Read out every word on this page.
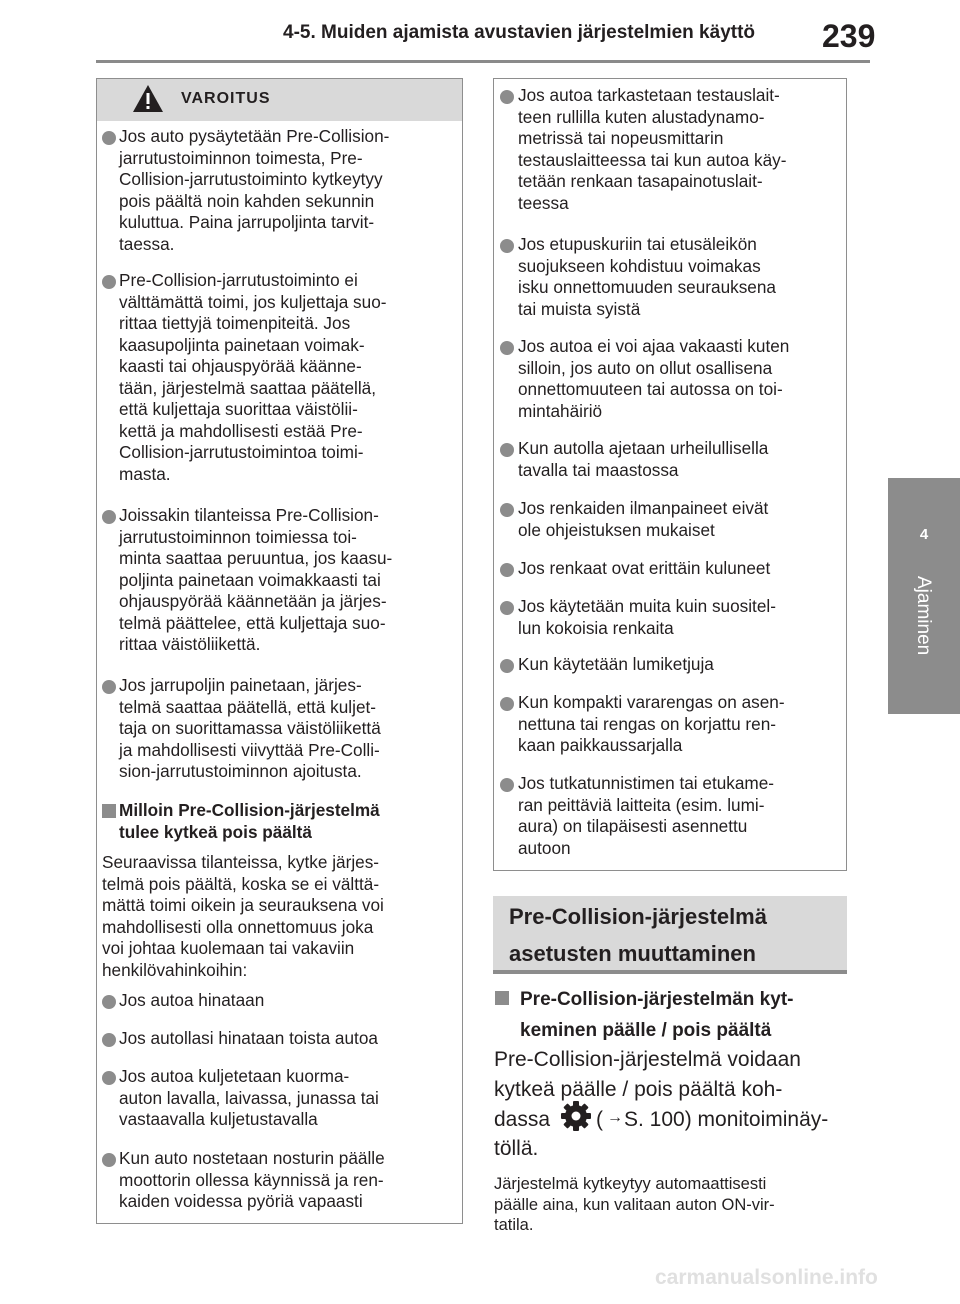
4-5. Muiden ajamista avustavien järjestelmien käyttö 239
4
Ajaminen
VAROITUS
Jos auto pysäytetään Pre-Collision-
jarrutustoiminnon toimesta, Pre-
Collision-jarrutustoiminto kytkeytyy
pois päältä noin kahden sekunnin
kuluttua. Paina jarrupoljinta tarvit-
taessa.
Pre-Collision-jarrutustoiminto ei
välttämättä toimi, jos kuljettaja suo-
rittaa tiettyjä toimenpiteitä. Jos
kaasupoljinta painetaan voimak-
kaasti tai ohjauspyörää käänne-
tään, järjestelmä saattaa päätellä,
että kuljettaja suorittaa väistölii-
kettä ja mahdollisesti estää Pre-
Collision-jarrutustoimintoa toimi-
masta.
Joissakin tilanteissa Pre-Collision-
jarrutustoiminnon toimiessa toi-
minta saattaa peruuntua, jos kaasu-
poljinta painetaan voimakkaasti tai
ohjauspyörää käännetään ja järjes-
telmä päättelee, että kuljettaja suo-
rittaa väistöliikettä.
Jos jarrupoljin painetaan, järjes-
telmä saattaa päätellä, että kuljet-
taja on suorittamassa väistöliikettä
ja mahdollisesti viivyttää Pre-Colli-
sion-jarrutustoiminnon ajoitusta.
Milloin Pre-Collision-järjestelmä
tulee kytkeä pois päältä
Seuraavissa tilanteissa, kytke järjes-
telmä pois päältä, koska se ei välttä-
mättä toimi oikein ja seurauksena voi
mahdollisesti olla onnettomuus joka
voi johtaa kuolemaan tai vakaviin
henkilövahinkoihin:
Jos autoa hinataan
Jos autollasi hinataan toista autoa
Jos autoa kuljetetaan kuorma-
auton lavalla, laivassa, junassa tai
vastaavalla kuljetustavalla
Kun auto nostetaan nosturin päälle
moottorin ollessa käynnissä ja ren-
kaiden voidessa pyöriä vapaasti
Jos autoa tarkastetaan testauslait-
teen rullilla kuten alustadynamo-
metrissä tai nopeusmittarin
testauslaitteessa tai kun autoa käy-
tetään renkaan tasapainotuslait-
teessa
Jos etupuskuriin tai etusäleikön
suojukseen kohdistuu voimakas
isku onnettomuuden seurauksena
tai muista syistä
Jos autoa ei voi ajaa vakaasti kuten
silloin, jos auto on ollut osallisena
onnettomuuteen tai autossa on toi-
mintahäiriö
Kun autolla ajetaan urheilullisella
tavalla tai maastossa
Jos renkaiden ilmanpaineet eivät
ole ohjeistuksen mukaiset
Jos renkaat ovat erittäin kuluneet
Jos käytetään muita kuin suositel-
lun kokoisia renkaita
Kun käytetään lumiketjuja
Kun kompakti vararengas on asen-
nettuna tai rengas on korjattu ren-
kaan paikkaussarjalla
Jos tutkatunnistimen tai etukame-
ran peittäviä laitteita (esim. lumi-
aura) on tilapäisesti asennettu
autoon
Pre-Collision-järjestelmä
asetusten muuttaminen
Pre-Collision-järjestelmän kyt-
keminen päälle / pois päältä
Pre-Collision-järjestelmä voidaan
kytkeä päälle / pois päältä koh-
dassa ( → S. 100) monitoiminäy-
töllä.
Järjestelmä kytkeytyy automaattisesti
päälle aina, kun valitaan auton ON-vir-
tatila.
carmanualsonline.info
